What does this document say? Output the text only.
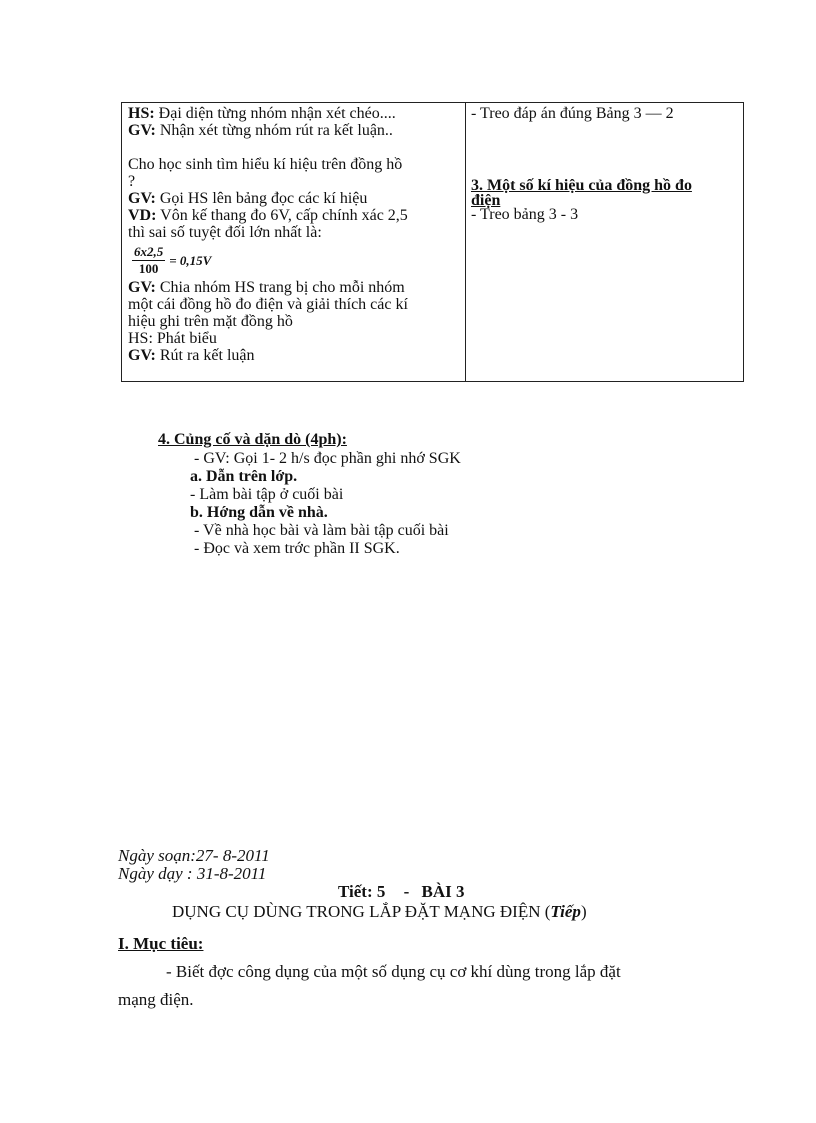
HS: Đại diện từng nhóm nhận xét chéo....
GV: Nhận xét từng nhóm rút ra kết luận..
Cho học sinh tìm hiểu kí hiệu trên đồng hồ
?
GV: Gọi HS lên bảng đọc các kí hiệu
VD: Vôn kế thang đo 6V, cấp chính xác 2,5
thì sai số tuyệt đối lớn nhất là:
$\frac{6x2,5}{100} = 0,15V$
GV: Chia nhóm HS trang bị cho mỗi nhóm
một cái đồng hồ đo điện và giải thích các kí
hiệu ghi trên mặt đồng hồ
HS: Phát biểu
GV: Rút ra kết luận
- Treo đáp án đúng Bảng 3 — 2
3. Một số kí hiệu của đồng hồ đo
điện
- Treo bảng 3 - 3
4. Củng cố và dặn dò (4ph):
- GV: Gọi 1- 2 h/s đọc phần ghi nhớ SGK
a. Dẫn trên lớp.
- Làm bài tập ở cuối bài
b. Hớng dẫn về nhà.
- Về nhà học bài và làm bài tập cuối bài
- Đọc và xem trớc phần II SGK.
Ngày soạn:27- 8-2011
Ngày dạy : 31-8-2011
Tiết: 5 - BÀI 3
DỤNG CỤ DÙNG TRONG LẮP ĐẶT MẠNG ĐIỆN (Tiếp)
I. Mục tiêu:
- Biết đợc công dụng của một số dụng cụ cơ khí dùng trong lắp đặt
mạng điện.
